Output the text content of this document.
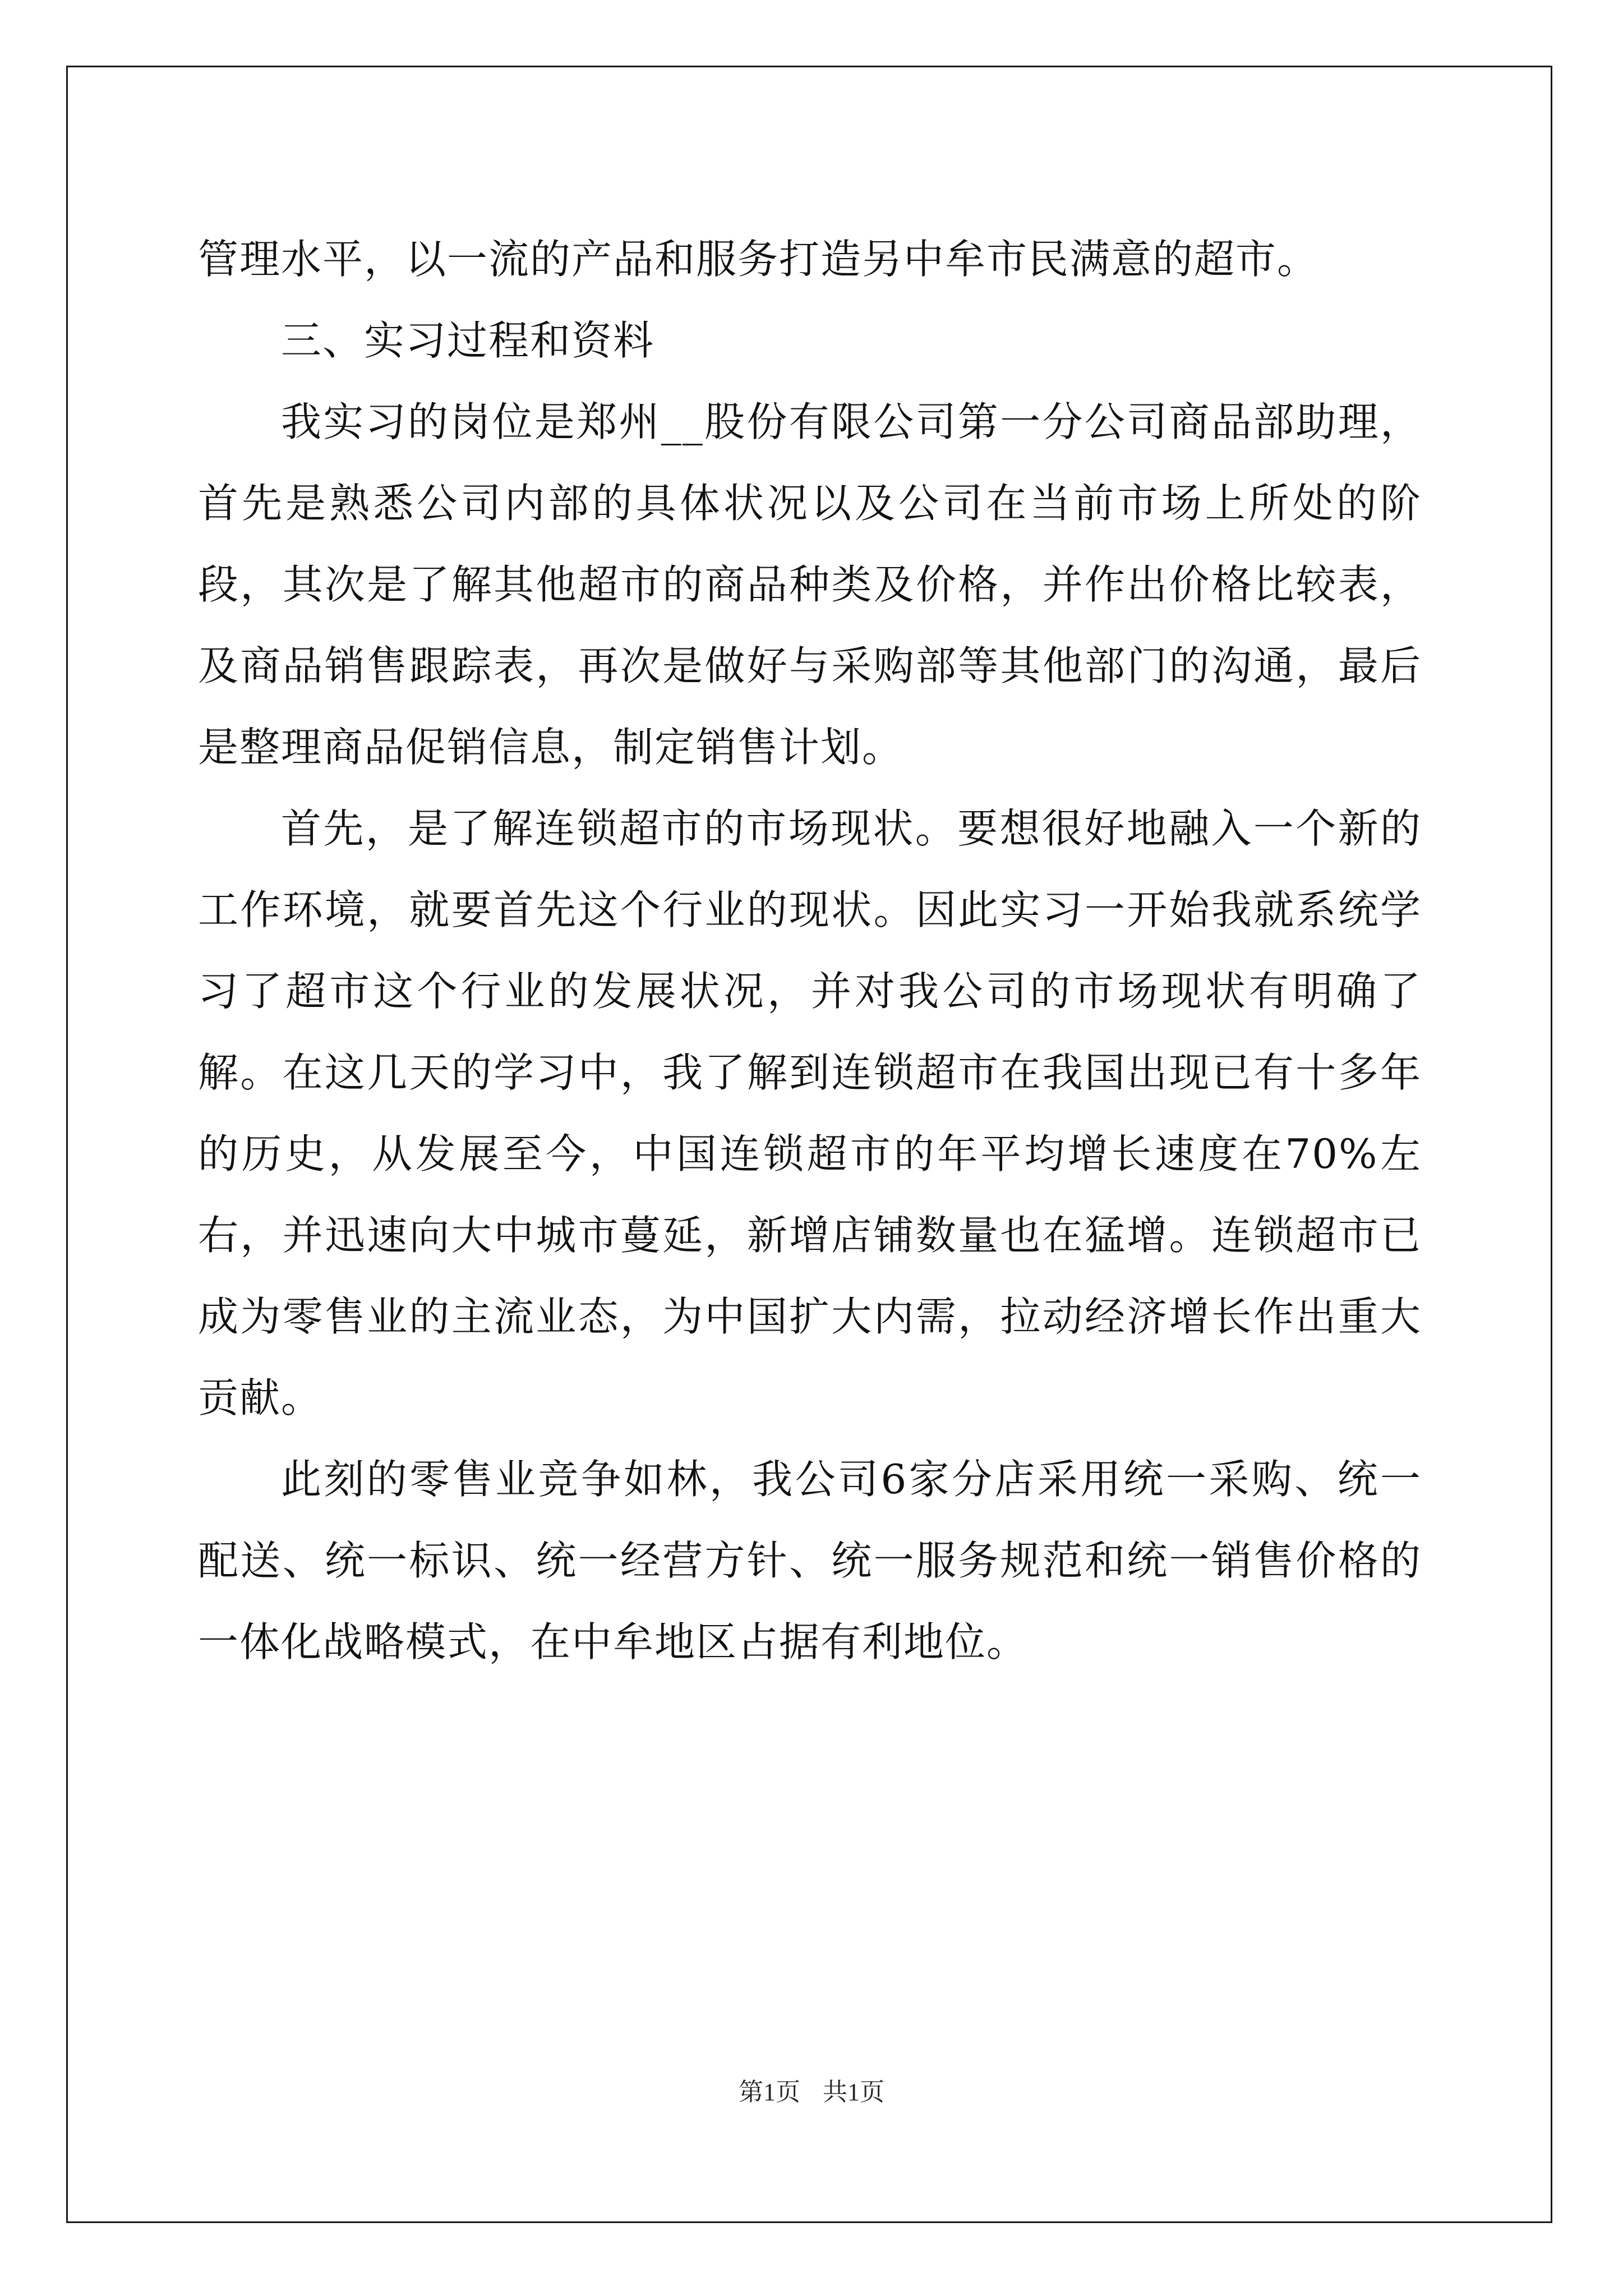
管理水平，以一流的产品和服务打造另中牟市民满意的超市。

三、实习过程和资料

我实习的岗位是郑州__股份有限公司第一分公司商品部助理，首先是熟悉公司内部的具体状况以及公司在当前市场上所处的阶段，其次是了解其他超市的商品种类及价格，并作出价格比较表，及商品销售跟踪表，再次是做好与采购部等其他部门的沟通，最后是整理商品促销信息，制定销售计划。

首先，是了解连锁超市的市场现状。要想很好地融入一个新的工作环境，就要首先这个行业的现状。因此实习一开始我就系统学习了超市这个行业的发展状况，并对我公司的市场现状有明确了解。在这几天的学习中，我了解到连锁超市在我国出现已有十多年的历史，从发展至今，中国连锁超市的年平均增长速度在70%左右，并迅速向大中城市蔓延，新增店铺数量也在猛增。连锁超市已成为零售业的主流业态，为中国扩大内需，拉动经济增长作出重大贡献。

此刻的零售业竞争如林，我公司6家分店采用统一采购、统一配送、统一标识、统一经营方针、统一服务规范和统一销售价格的一体化战略模式，在中牟地区占据有利地位。

第1页 共1页
